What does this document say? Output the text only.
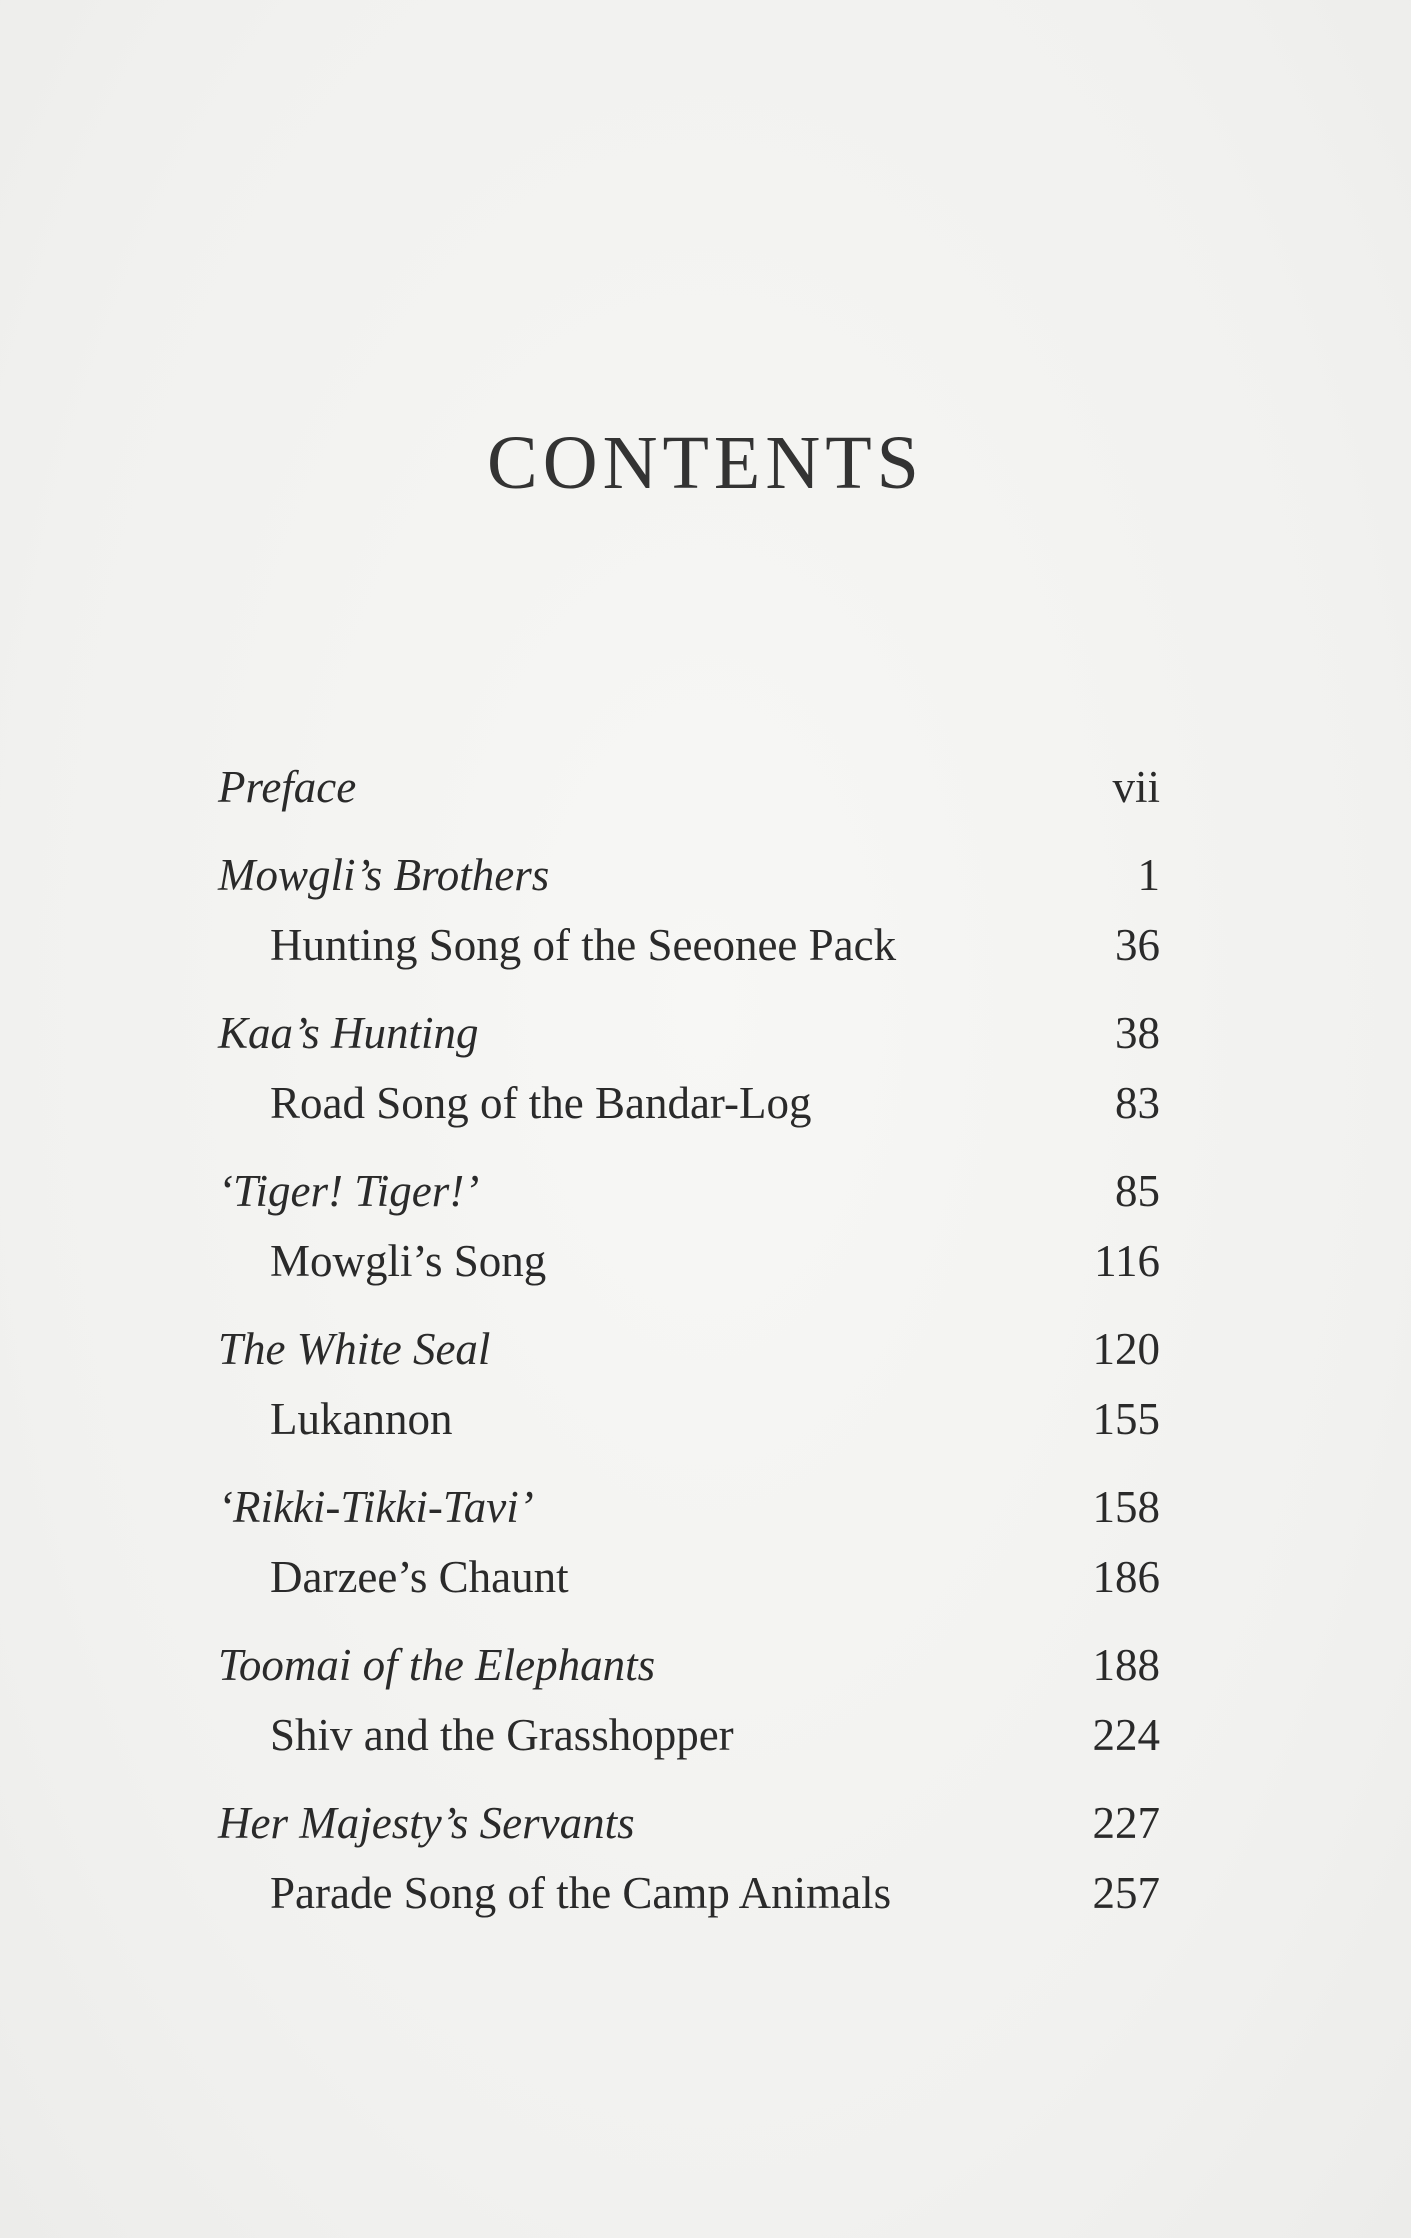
CONTENTS
Preface	vii
Mowgli’s Brothers	1
Hunting Song of the Seeonee Pack	36
Kaa’s Hunting	38
Road Song of the Bandar-Log	83
‘Tiger! Tiger!’	85
Mowgli’s Song	116
The White Seal	120
Lukannon	155
‘Rikki-Tikki-Tavi’	158
Darzee’s Chaunt	186
Toomai of the Elephants	188
Shiv and the Grasshopper	224
Her Majesty’s Servants	227
Parade Song of the Camp Animals	257
